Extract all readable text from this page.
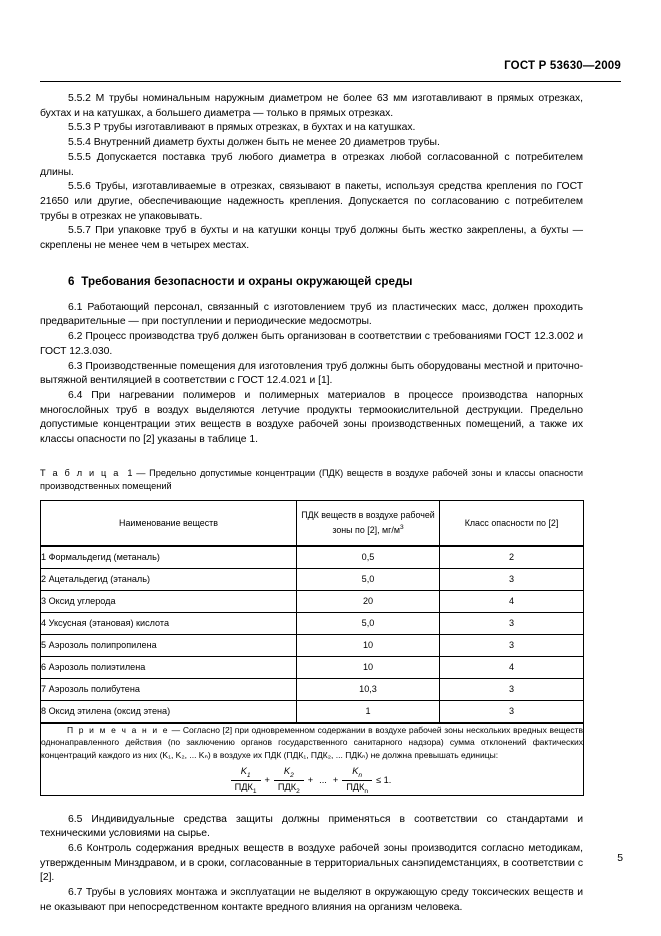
ГОСТ Р 53630—2009

5.5.2 М трубы номинальным наружным диаметром не более 63 мм изготавливают в прямых отрезках, бухтах и на катушках, а большего диаметра — только в прямых отрезках.

5.5.3 Р трубы изготавливают в прямых отрезках, в бухтах и на катушках.

5.5.4 Внутренний диаметр бухты должен быть не менее 20 диаметров трубы.

5.5.5 Допускается поставка труб любого диаметра в отрезках любой согласованной с потребителем длины.

5.5.6 Трубы, изготавливаемые в отрезках, связывают в пакеты, используя средства крепления по ГОСТ 21650 или другие, обеспечивающие надежность крепления. Допускается по согласованию с потребителем трубы в отрезках не упаковывать.

5.5.7 При упаковке труб в бухты и на катушки концы труб должны быть жестко закреплены, а бухты — скреплены не менее чем в четырех местах.

6 Требования безопасности и охраны окружающей среды

6.1 Работающий персонал, связанный с изготовлением труб из пластических масс, должен проходить предварительные — при поступлении и периодические медосмотры.

6.2 Процесс производства труб должен быть организован в соответствии с требованиями ГОСТ 12.3.002 и ГОСТ 12.3.030.

6.3 Производственные помещения для изготовления труб должны быть оборудованы местной и приточно-вытяжной вентиляцией в соответствии с ГОСТ 12.4.021 и [1].

6.4 При нагревании полимеров и полимерных материалов в процессе производства напорных многослойных труб в воздух выделяются летучие продукты термоокислительной деструкции. Предельно допустимые концентрации этих веществ в воздухе рабочей зоны производственных помещений, а также их классы опасности по [2] указаны в таблице 1.

Т а б л и ц а 1 — Предельно допустимые концентрации (ПДК) веществ в воздухе рабочей зоны и классы опасности производственных помещений
Наименование веществ	ПДК веществ в воздухе рабочей зоны по [2], $мг/м^3$	Класс опасности по [2]
1 Формальдегид (метаналь)	0,5	2
2 Ацетальдегид (этаналь)	5,0	3
3 Оксид углерода	20	4
4 Уксусная (этановая) кислота	5,0	3
5 Аэрозоль полипропилена	10	3
6 Аэрозоль полиэтилена	10	4
7 Аэрозоль полибутена	10,3	3
8 Оксид этилена (оксид этена)	1	3

П р и м е ч а н и е — Согласно [2] при одновременном содержании в воздухе рабочей зоны нескольких вредных веществ однонаправленного действия (по заключению органов государственного санитарного надзора) сумма отклонений фактических концентраций каждого из них (K₁, K₂, ... Kₙ) в воздухе их ПДК (ПДК₁, ПДК₂, ... ПДКₙ) не должна превышать единицы:
$\frac{K_1}{ПДК_1} + \frac{K_2}{ПДК_2}$ + ... + $\frac{K_n}{ПДК_n} \le 1$.

6.5 Индивидуальные средства защиты должны применяться в соответствии со стандартами и техническими условиями на сырье.

6.6 Контроль содержания вредных веществ в воздухе рабочей зоны производится согласно методикам, утвержденным Минздравом, и в сроки, согласованные в территориальных санэпидемстанциях, в соответствии с [2].

6.7 Трубы в условиях монтажа и эксплуатации не выделяют в окружающую среду токсических веществ и не оказывают при непосредственном контакте вредного влияния на организм человека.

5
